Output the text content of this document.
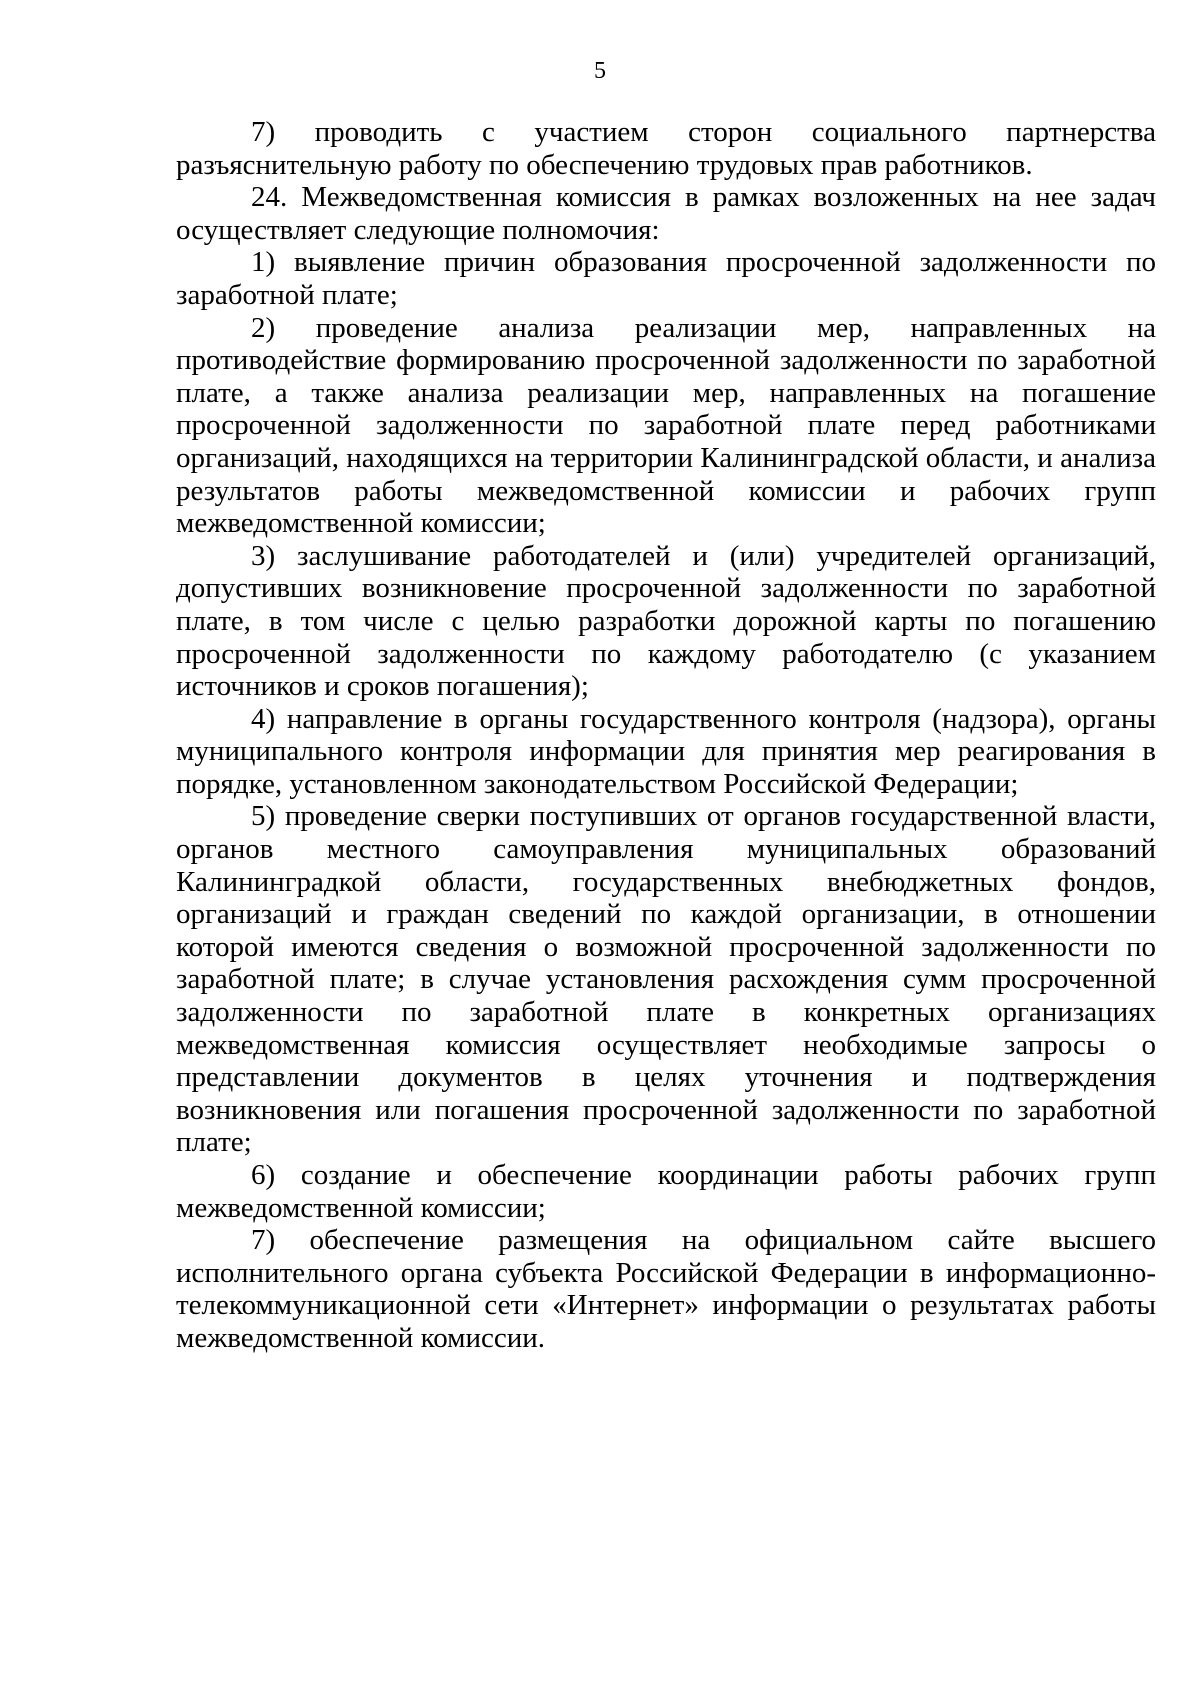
5

7) проводить с участием сторон социального партнерства разъяснительную работу по обеспечению трудовых прав работников.

24. Межведомственная комиссия в рамках возложенных на нее задач осуществляет следующие полномочия:

1) выявление причин образования просроченной задолженности по заработной плате;

2) проведение анализа реализации мер, направленных на противодействие формированию просроченной задолженности по заработной плате, а также анализа реализации мер, направленных на погашение просроченной задолженности по заработной плате перед работниками организаций, находящихся на территории Калининградской области, и анализа результатов работы межведомственной комиссии и рабочих групп межведомственной комиссии;

3) заслушивание работодателей и (или) учредителей организаций, допустивших возникновение просроченной задолженности по заработной плате, в том числе с целью разработки дорожной карты по погашению просроченной задолженности по каждому работодателю (с указанием источников и сроков погашения);

4) направление в органы государственного контроля (надзора), органы муниципального контроля информации для принятия мер реагирования в порядке, установленном законодательством Российской Федерации;

5) проведение сверки поступивших от органов государственной власти, органов местного самоуправления муниципальных образований Калининградкой области, государственных внебюджетных фондов, организаций и граждан сведений по каждой организации, в отношении которой имеются сведения о возможной просроченной задолженности по заработной плате; в случае установления расхождения сумм просроченной задолженности по заработной плате в конкретных организациях межведомственная комиссия осуществляет необходимые запросы о представлении документов в целях уточнения и подтверждения возникновения или погашения просроченной задолженности по заработной плате;

6) создание и обеспечение координации работы рабочих групп межведомственной комиссии;

7) обеспечение размещения на официальном сайте высшего исполнительного органа субъекта Российской Федерации в информационно-телекоммуникационной сети «Интернет» информации о результатах работы межведомственной комиссии.
